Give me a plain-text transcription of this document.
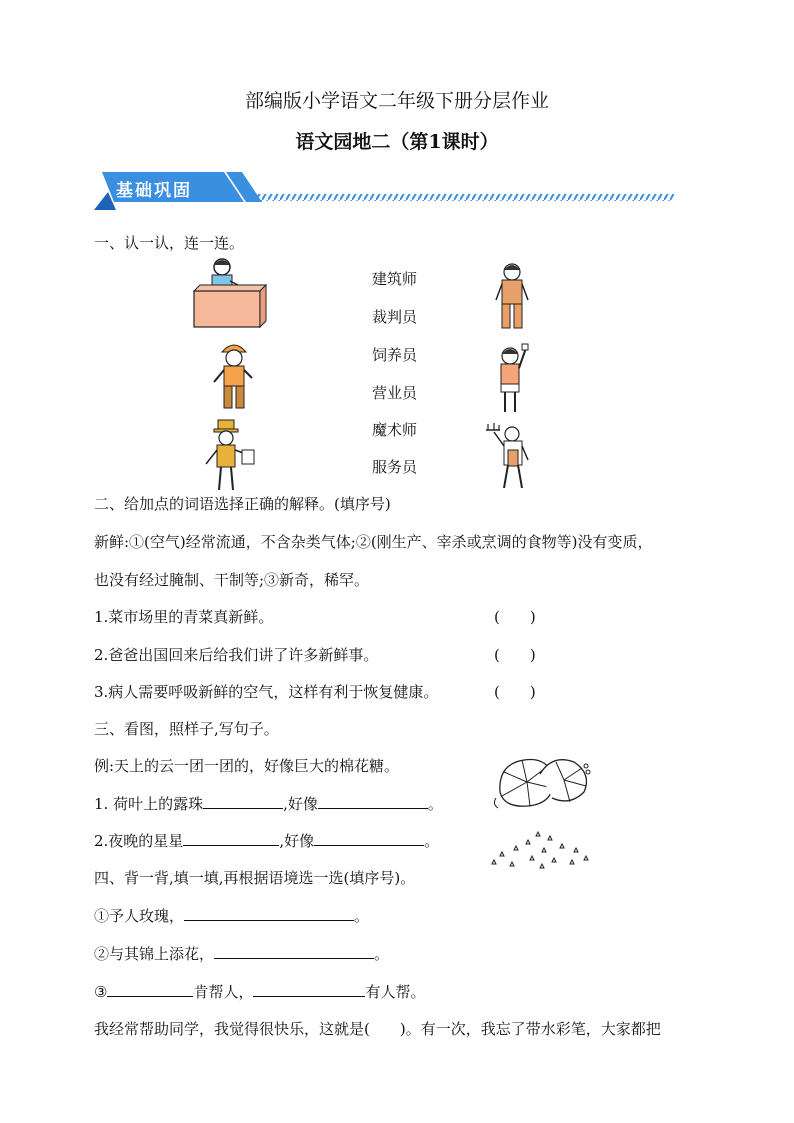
部编版小学语文二年级下册分层作业
语文园地二（第1课时）
基础巩固
一、认一认，连一连。
建筑师
裁判员
饲养员
营业员
魔术师
服务员
二、给加点的词语选择正确的解释。(填序号)
新鲜:①(空气)经常流通，不含杂类气体;②(刚生产、宰杀或烹调的食物等)没有变质，
也没有经过腌制、干制等;③新奇，稀罕。
1.菜市场里的青菜真新鲜。	(　　)
2.爸爸出国回来后给我们讲了许多新鲜事。	(　　)
3.病人需要呼吸新鲜的空气，这样有利于恢复健康。	(　　)
三、看图，照样子,写句子。
例:天上的云一团一团的，好像巨大的棉花糖。
1. 荷叶上的露珠	,好像	。
2.夜晚的星星	,好像	。
四、背一背,填一填,再根据语境选一选(填序号)。
①予人玫瑰，	。
②与其锦上添花，	。
③	肯帮人，	有人帮。
我经常帮助同学，我觉得很快乐，这就是(　　)。有一次，我忘了带水彩笔，大家都把
